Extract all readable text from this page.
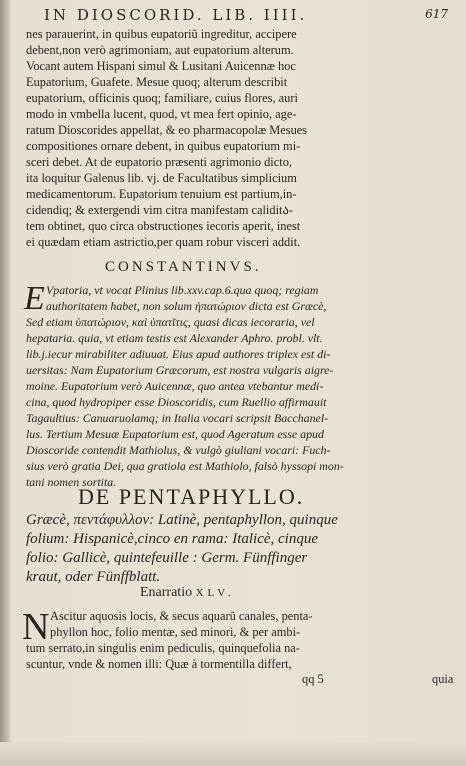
IN DIOSCORID. LIB. IIII.	617
nes parauerint, in quibus eupatoriũ ingreditur, accipere
debent,non verò agrimoniam, aut eupatorium alterum.
Vocant autem Hispani simul & Lusitani Auicennæ hoc
Eupatorium, Guafete. Mesue quoq; alterum describit
eupatorium, officinis quoq; familiare, cuius flores, auri
modo in vmbella lucent, quod, vt mea fert opinio, age-
ratum Dioscorides appellat, & eo pharmacopolæ Mesues
compositiones ornare debent, in quibus eupatorium mi-
sceri debet. At de eupatorio præsenti agrimonio dicto,
ita loquitur Galenus lib. vj. de Facultatibus simplicium
medicamentorum. Eupatorium tenuium est partium,in-
cidendiq; & extergendi vim citra manifestam caliditა-
tem obtinet, quo circa obstructiones iecoris aperit, inest
ei quædam etiam astrictio,per quam robur visceri addit.
CONSTANTINVS.
E Vpatoria, vt vocat Plinius lib.xxv.cap.6.qua quoq; regiam
authoritatem habet, non solum ἡπατώριον dicta est Græcè,
Sed etiam ὑπατώριον, καὶ ὑπατῖτις, quasi dicas iecoraria, vel
hepataria. quia, vt etiam testis est Alexander Aphro. probl. vlt.
lib.j.iecur mirabiliter adiuuat. Eius apud authores triplex est di-
uersitas: Nam Eupatorium Græcorum, est nostra vulgaris aigre-
moine. Eupatorium verò Auicennæ, quo antea vtebantur medi-
cina, quod hydropiper esse Dioscoridis, cum Ruellio affirmauit
Tagaultius: Canuaruolamq; in Italia vocari scripsit Bacchanel-
lus. Tertium Mesuæ Eupatorium est, quod Ageratum esse apud
Dioscoride contendit Mathiolus, & vulgò giuliani vocari: Fuch-
sius verò gratia Dei, qua gratiola est Mathiolo, falsò hyssopi mon-
tani nomen sortita.
DE PENTAPHYLLO.
Græcè, πεντάφυλλον: Latinè, pentaphyllon, quinque
folium: Hispanicè,cinco en rama: Italicè, cinque
folio: Gallicè, quintefeuille : Germ. Fünffinger
kraut, oder Fünffblatt.
Enarratio XLV.
N Ascitur aquosis locis, & secus aquarũ canales, penta-
phyllon hoc, folio mentæ, sed minori, & per ambi-
tum serrato,in singulis enim pediculis, quinquefolia na-
scuntur, vnde & nomen illi: Quæ à tormentilla differt,
qq 5	quia
